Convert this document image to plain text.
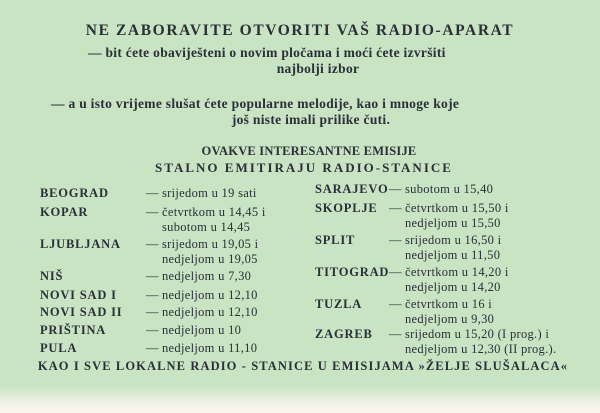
NE ZABORAVITE OTVORITI VAŠ RADIO-APARAT
— bit ćete obaviješteni o novim pločama i moći ćete izvršiti
najbolji izbor
— a u isto vrijeme slušat ćete popularne melodije, kao i mnoge koje
još niste imali prilike čuti.
OVAKVE INTERESANTNE EMISIJE
STALNO EMITIRAJU RADIO-STANICE
BEOGRAD	— srijedom u 19 sati
KOPAR	— četvrtkom u 14,45 i
subotom u 14,45
LJUBLJANA — srijedom u 19,05 i
nedjeljom u 19,05
NIŠ	— nedjeljom u 7,30
NOVI SAD I — nedjeljom u 12,10
NOVI SAD II — nedjeljom u 12,10
PRIŠTINA	— nedjeljom u 10
PULA	— nedjeljom u 11,10
SARAJEVO — subotom u 15,40
SKOPLJE — četvrtkom u 15,50 i
nedjeljom u 15,50
SPLIT	— srijedom u 16,50 i
nedjeljom u 11,50
TITOGRAD — četvrtkom u 14,20 i
nedjeljom u 14,20
TUZLA — četvrtkom u 16 i
nedjeljom u 9,30
ZAGREB — srijedom u 15,20 (I prog.) i
nedjeljom u 12,30 (II prog.).
KAO I SVE LOKALNE RADIO - STANICE U EMISIJAMA »ŽELJE SLUŠALACA«
